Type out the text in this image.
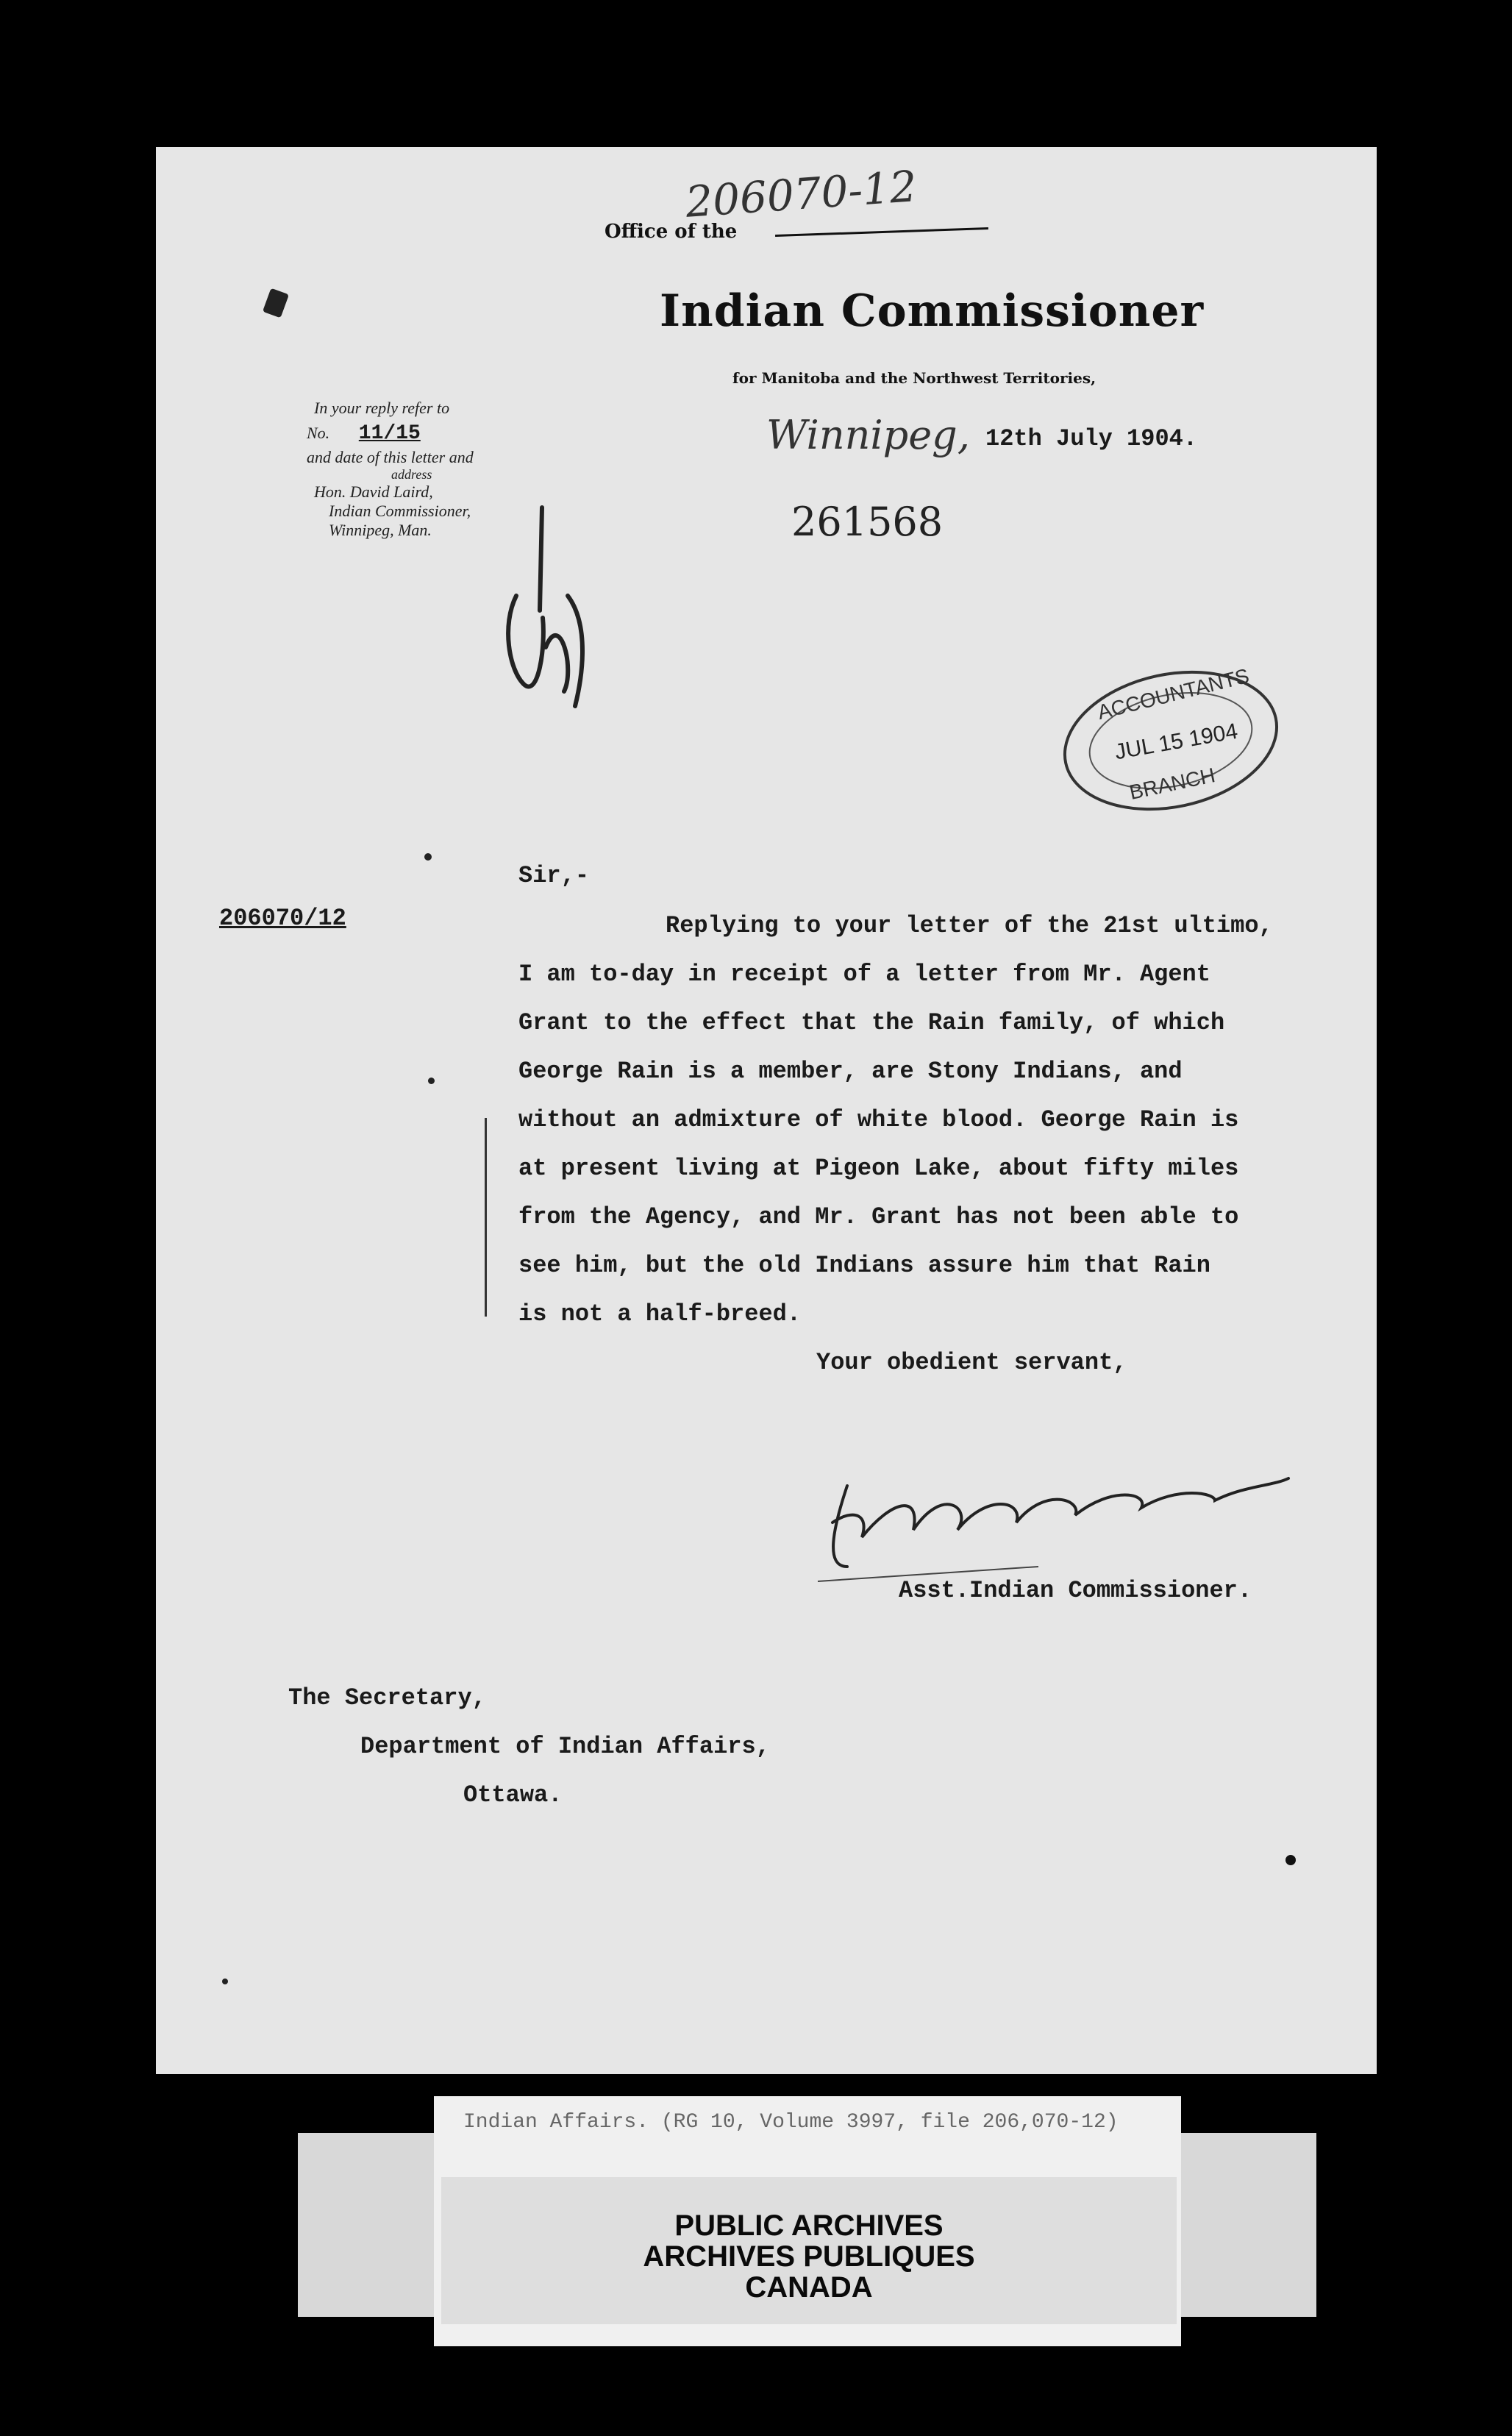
206070-12
Office of the
Indian Commissioner
for Manitoba and the Northwest Territories,
Winnipeg, 12th July 1904.
261568
ACCOUNTANTS
JUL 15 1904
BRANCH
In your reply refer to
No. 11/15
and date of this letter and
address
Hon. David Laird,
Indian Commissioner,
Winnipeg, Man.
206070/12
Sir,-
Replying to your letter of the 21st ultimo,
I am to-day in receipt of a letter from Mr. Agent
Grant to the effect that the Rain family, of which
George Rain is a member, are Stony Indians, and
without an admixture of white blood. George Rain is
at present living at Pigeon Lake, about fifty miles
from the Agency, and Mr. Grant has not been able to
see him, but the old Indians assure him that Rain
is not a half-breed.
Your obedient servant,
Asst.Indian Commissioner.
The Secretary,
Department of Indian Affairs,
Ottawa.
Indian Affairs. (RG 10, Volume 3997, file 206,070-12)
PUBLIC ARCHIVES
ARCHIVES PUBLIQUES
CANADA
